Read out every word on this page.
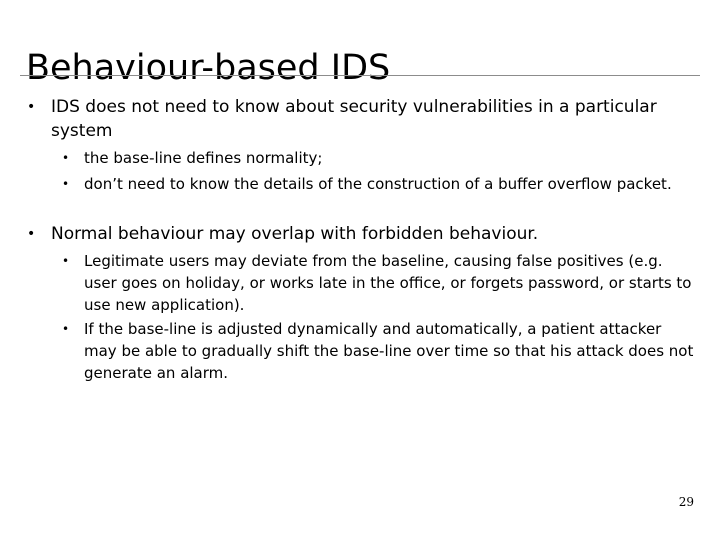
Behaviour-based IDS

• IDS does not need to know about security vulnerabilities in a particular system

• the base-line defines normality;

• don’t need to know the details of the construction of a buffer overflow packet.

• Normal behaviour may overlap with forbidden behaviour.

• Legitimate users may deviate from the baseline, causing false positives (e.g. user goes on holiday, or works late in the office, or forgets password, or starts to use new application).

• If the base-line is adjusted dynamically and automatically, a patient attacker may be able to gradually shift the base-line over time so that his attack does not generate an alarm.

29
